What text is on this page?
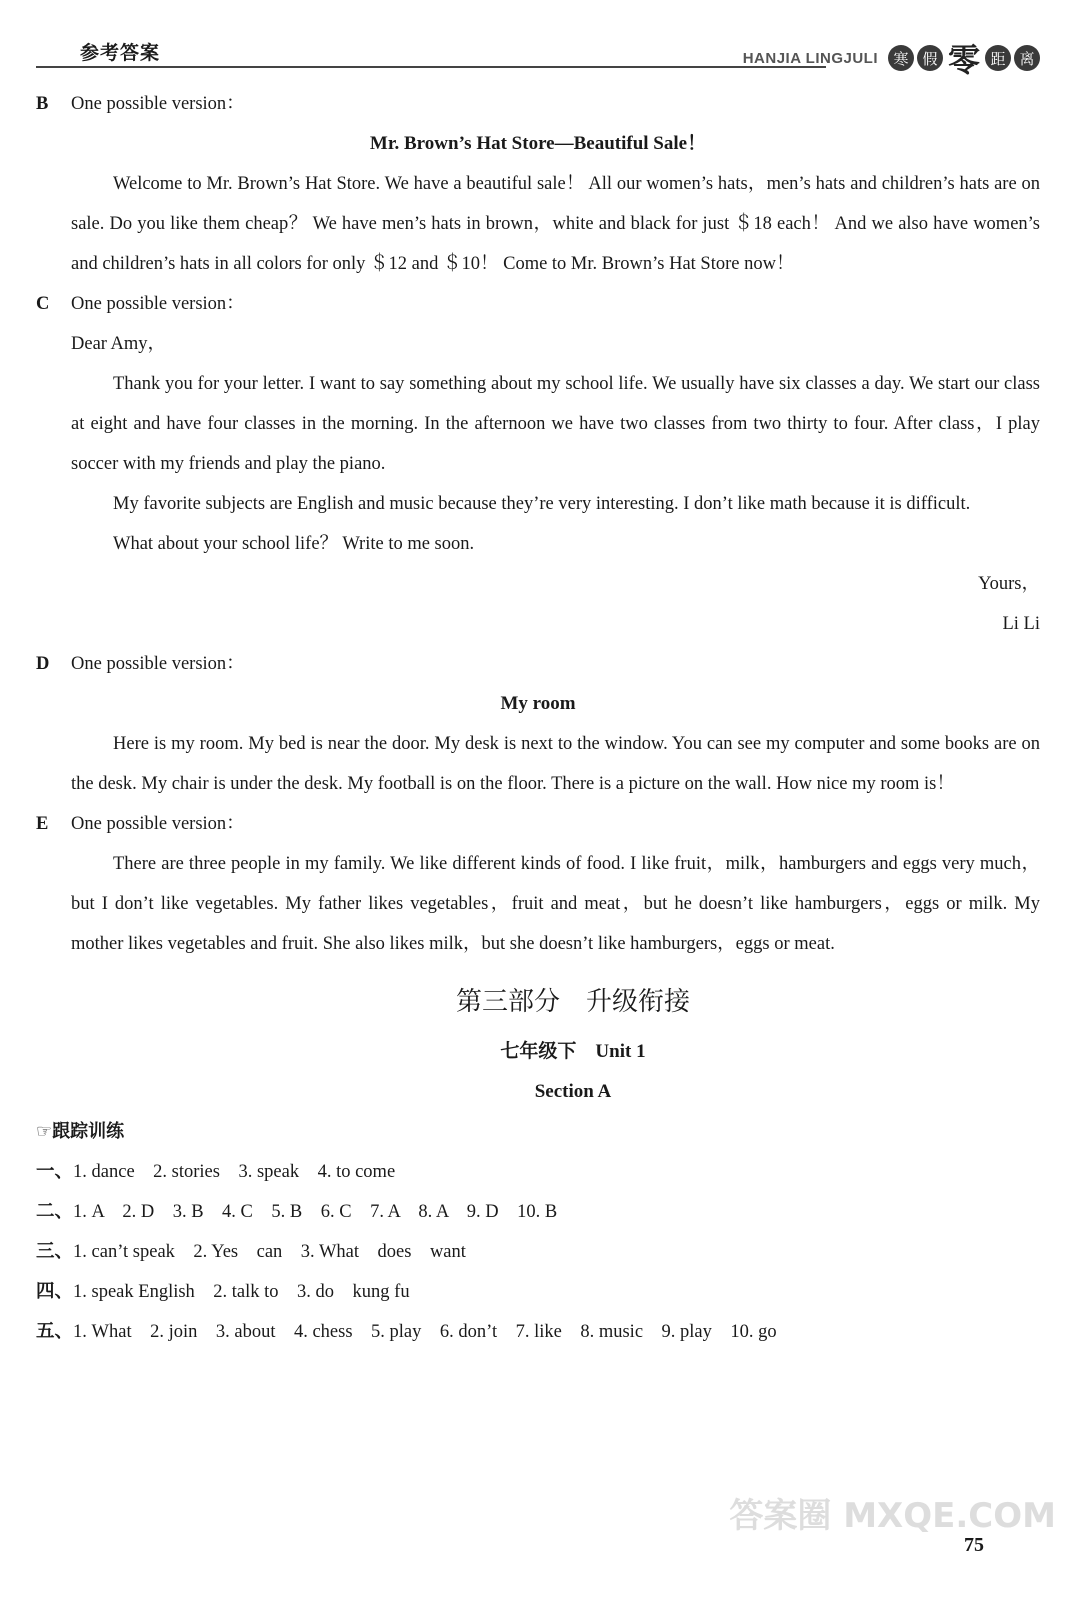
参考答案	HANJIA LINGJULI	寒 假 零 距 离

B One possible version：

Mr. Brown’s Hat Store—Beautiful Sale！

Welcome to Mr. Brown’s Hat Store. We have a beautiful sale！ All our women’s hats，men’s hats and children’s hats are on sale. Do you like them cheap？ We have men’s hats in brown，white and black for just ＄18 each！ And we also have women’s and children’s hats in all colors for only ＄12 and ＄10！ Come to Mr. Brown’s Hat Store now！

C One possible version：

Dear Amy，

Thank you for your letter. I want to say something about my school life. We usually have six classes a day. We start our class at eight and have four classes in the morning. In the afternoon we have two classes from two thirty to four. After class，I play soccer with my friends and play the piano.

My favorite subjects are English and music because they’re very interesting. I don’t like math because it is difficult.

What about your school life？ Write to me soon.

Yours，

Li Li

D One possible version：

My room

Here is my room. My bed is near the door. My desk is next to the window. You can see my computer and some books are on the desk. My chair is under the desk. My football is on the floor. There is a picture on the wall. How nice my room is！

E One possible version：

There are three people in my family. We like different kinds of food. I like fruit，milk，hamburgers and eggs very much，but I don’t like vegetables. My father likes vegetables，fruit and meat，but he doesn’t like hamburgers，eggs or milk. My mother likes vegetables and fruit. She also likes milk，but she doesn’t like hamburgers，eggs or meat.

第三部分　升级衔接

七年级下　Unit 1

Section A

☞跟踪训练

一、1. dance　2. stories　3. speak　4. to come

二、1. A　2. D　3. B　4. C　5. B　6. C　7. A　8. A　9. D　10. B

三、1. can’t speak　2. Yes　can　3. What　does　want

四、1. speak English　2. talk to　3. do　kung fu

五、1. What　2. join　3. about　4. chess　5. play　6. don’t　7. like　8. music　9. play　10. go

答案圈 MXQE.COM
75
